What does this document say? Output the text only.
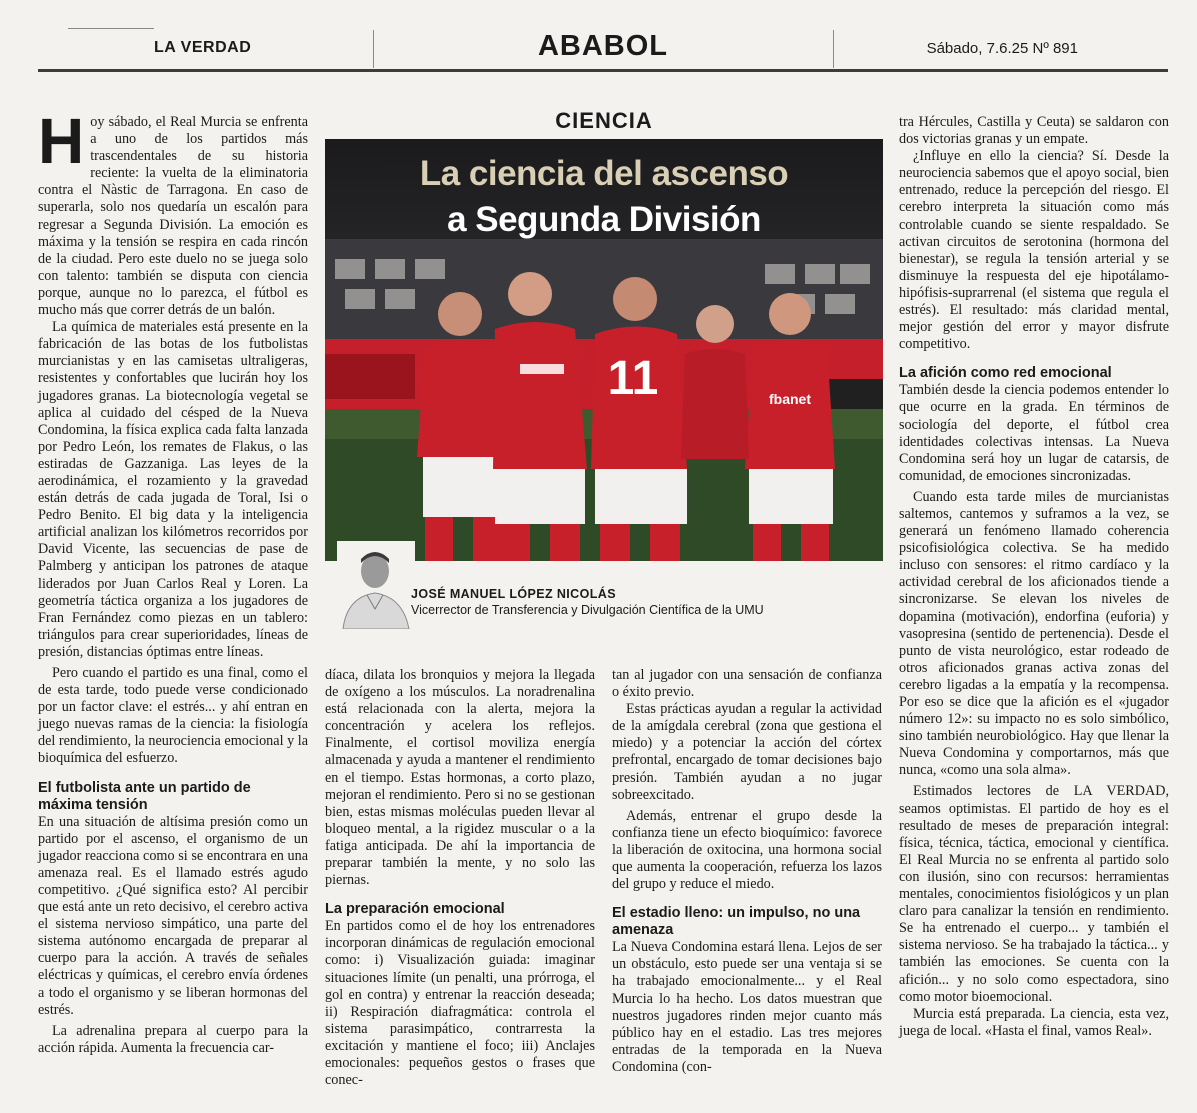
LA VERDAD	ABABOL	Sábado, 7.6.25 Nº 891

Hoy sábado, el Real Murcia se enfrenta a uno de los partidos más trascendentales de su historia reciente: la vuelta de la eliminatoria contra el Nàstic de Tarragona. En caso de superarla, solo nos quedaría un escalón para regresar a Segunda División. La emoción es máxima y la tensión se respira en cada rincón de la ciudad. Pero este duelo no se juega solo con talento: también se disputa con ciencia porque, aunque no lo parezca, el fútbol es mucho más que correr detrás de un balón.

La química de materiales está presente en la fabricación de las botas de los futbolistas murcianistas y en las camisetas ultraligeras, resistentes y confortables que lucirán hoy los jugadores granas. La biotecnología vegetal se aplica al cuidado del césped de la Nueva Condomina, la física explica cada falta lanzada por Pedro León, los remates de Flakus, o las estiradas de Gazzaniga. Las leyes de la aerodinámica, el rozamiento y la gravedad están detrás de cada jugada de Toral, Isi o Pedro Benito. El big data y la inteligencia artificial analizan los kilómetros recorridos por David Vicente, las secuencias de pase de Palmberg y anticipan los patrones de ataque liderados por Juan Carlos Real y Loren. La geometría táctica organiza a los jugadores de Fran Fernández como piezas en un tablero: triángulos para crear superioridades, líneas de presión, distancias óptimas entre líneas.

Pero cuando el partido es una final, como el de esta tarde, todo puede verse condicionado por un factor clave: el estrés... y ahí entran en juego nuevas ramas de la ciencia: la fisiología del rendimiento, la neurociencia emocional y la bioquímica del esfuerzo.

El futbolista ante un partido de máxima tensión

En una situación de altísima presión como un partido por el ascenso, el organismo de un jugador reacciona como si se encontrara en una amenaza real. Es el llamado estrés agudo competitivo. ¿Qué significa esto? Al percibir que está ante un reto decisivo, el cerebro activa el sistema nervioso simpático, una parte del sistema autónomo encargada de preparar al cuerpo para la acción. A través de señales eléctricas y químicas, el cerebro envía órdenes a todo el organismo y se liberan hormonas del estrés.

La adrenalina prepara al cuerpo para la acción rápida. Aumenta la frecuencia car-

CIENCIA
11	fbanet
La ciencia del ascenso
a Segunda División
JOSÉ MANUEL LÓPEZ NICOLÁS
Vicerrector de Transferencia y Divulgación Científica de la UMU

díaca, dilata los bronquios y mejora la llegada de oxígeno a los músculos. La noradrenalina está relacionada con la alerta, mejora la concentración y acelera los reflejos. Finalmente, el cortisol moviliza energía almacenada y ayuda a mantener el rendimiento en el tiempo. Estas hormonas, a corto plazo, mejoran el rendimiento. Pero si no se gestionan bien, estas mismas moléculas pueden llevar al bloqueo mental, a la rigidez muscular o a la fatiga anticipada. De ahí la importancia de preparar también la mente, y no solo las piernas.

La preparación emocional

En partidos como el de hoy los entrenadores incorporan dinámicas de regulación emocional como: i) Visualización guiada: imaginar situaciones límite (un penalti, una prórroga, el gol en contra) y entrenar la reacción deseada; ii) Respiración diafragmática: controla el sistema parasimpático, contrarresta la excitación y mantiene el foco; iii) Anclajes emocionales: pequeños gestos o frases que conec-

tan al jugador con una sensación de confianza o éxito previo.

Estas prácticas ayudan a regular la actividad de la amígdala cerebral (zona que gestiona el miedo) y a potenciar la acción del córtex prefrontal, encargado de tomar decisiones bajo presión. También ayudan a no jugar sobreexcitado.

Además, entrenar el grupo desde la confianza tiene un efecto bioquímico: favorece la liberación de oxitocina, una hormona social que aumenta la cooperación, refuerza los lazos del grupo y reduce el miedo.

El estadio lleno: un impulso, no una amenaza

La Nueva Condomina estará llena. Lejos de ser un obstáculo, esto puede ser una ventaja si se ha trabajado emocionalmente... y el Real Murcia lo ha hecho. Los datos muestran que nuestros jugadores rinden mejor cuanto más público hay en el estadio. Las tres mejores entradas de la temporada en la Nueva Condomina (con-

tra Hércules, Castilla y Ceuta) se saldaron con dos victorias granas y un empate.

¿Influye en ello la ciencia? Sí. Desde la neurociencia sabemos que el apoyo social, bien entrenado, reduce la percepción del riesgo. El cerebro interpreta la situación como más controlable cuando se siente respaldado. Se activan circuitos de serotonina (hormona del bienestar), se regula la tensión arterial y se disminuye la respuesta del eje hipotálamo-hipófisis-suprarrenal (el sistema que regula el estrés). El resultado: más claridad mental, mejor gestión del error y mayor disfrute competitivo.

La afición como red emocional

También desde la ciencia podemos entender lo que ocurre en la grada. En términos de sociología del deporte, el fútbol crea identidades colectivas intensas. La Nueva Condomina será hoy un lugar de catarsis, de comunidad, de emociones sincronizadas.

Cuando esta tarde miles de murcianistas saltemos, cantemos y suframos a la vez, se generará un fenómeno llamado coherencia psicofisiológica colectiva. Se ha medido incluso con sensores: el ritmo cardíaco y la actividad cerebral de los aficionados tiende a sincronizarse. Se elevan los niveles de dopamina (motivación), endorfina (euforia) y vasopresina (sentido de pertenencia). Desde el punto de vista neurológico, estar rodeado de otros aficionados granas activa zonas del cerebro ligadas a la empatía y la recompensa. Por eso se dice que la afición es el «jugador número 12»: su impacto no es solo simbólico, sino también neurobiológico. Hay que llenar la Nueva Condomina y comportarnos, más que nunca, «como una sola alma».

Estimados lectores de LA VERDAD, seamos optimistas. El partido de hoy es el resultado de meses de preparación integral: física, técnica, táctica, emocional y científica. El Real Murcia no se enfrenta al partido solo con ilusión, sino con recursos: herramientas mentales, conocimientos fisiológicos y un plan claro para canalizar la tensión en rendimiento. Se ha entrenado el cuerpo... y también el sistema nervioso. Se ha trabajado la táctica... y también las emociones. Se cuenta con la afición... y no solo como espectadora, sino como motor bioemocional.

Murcia está preparada. La ciencia, esta vez, juega de local. «Hasta el final, vamos Real».
